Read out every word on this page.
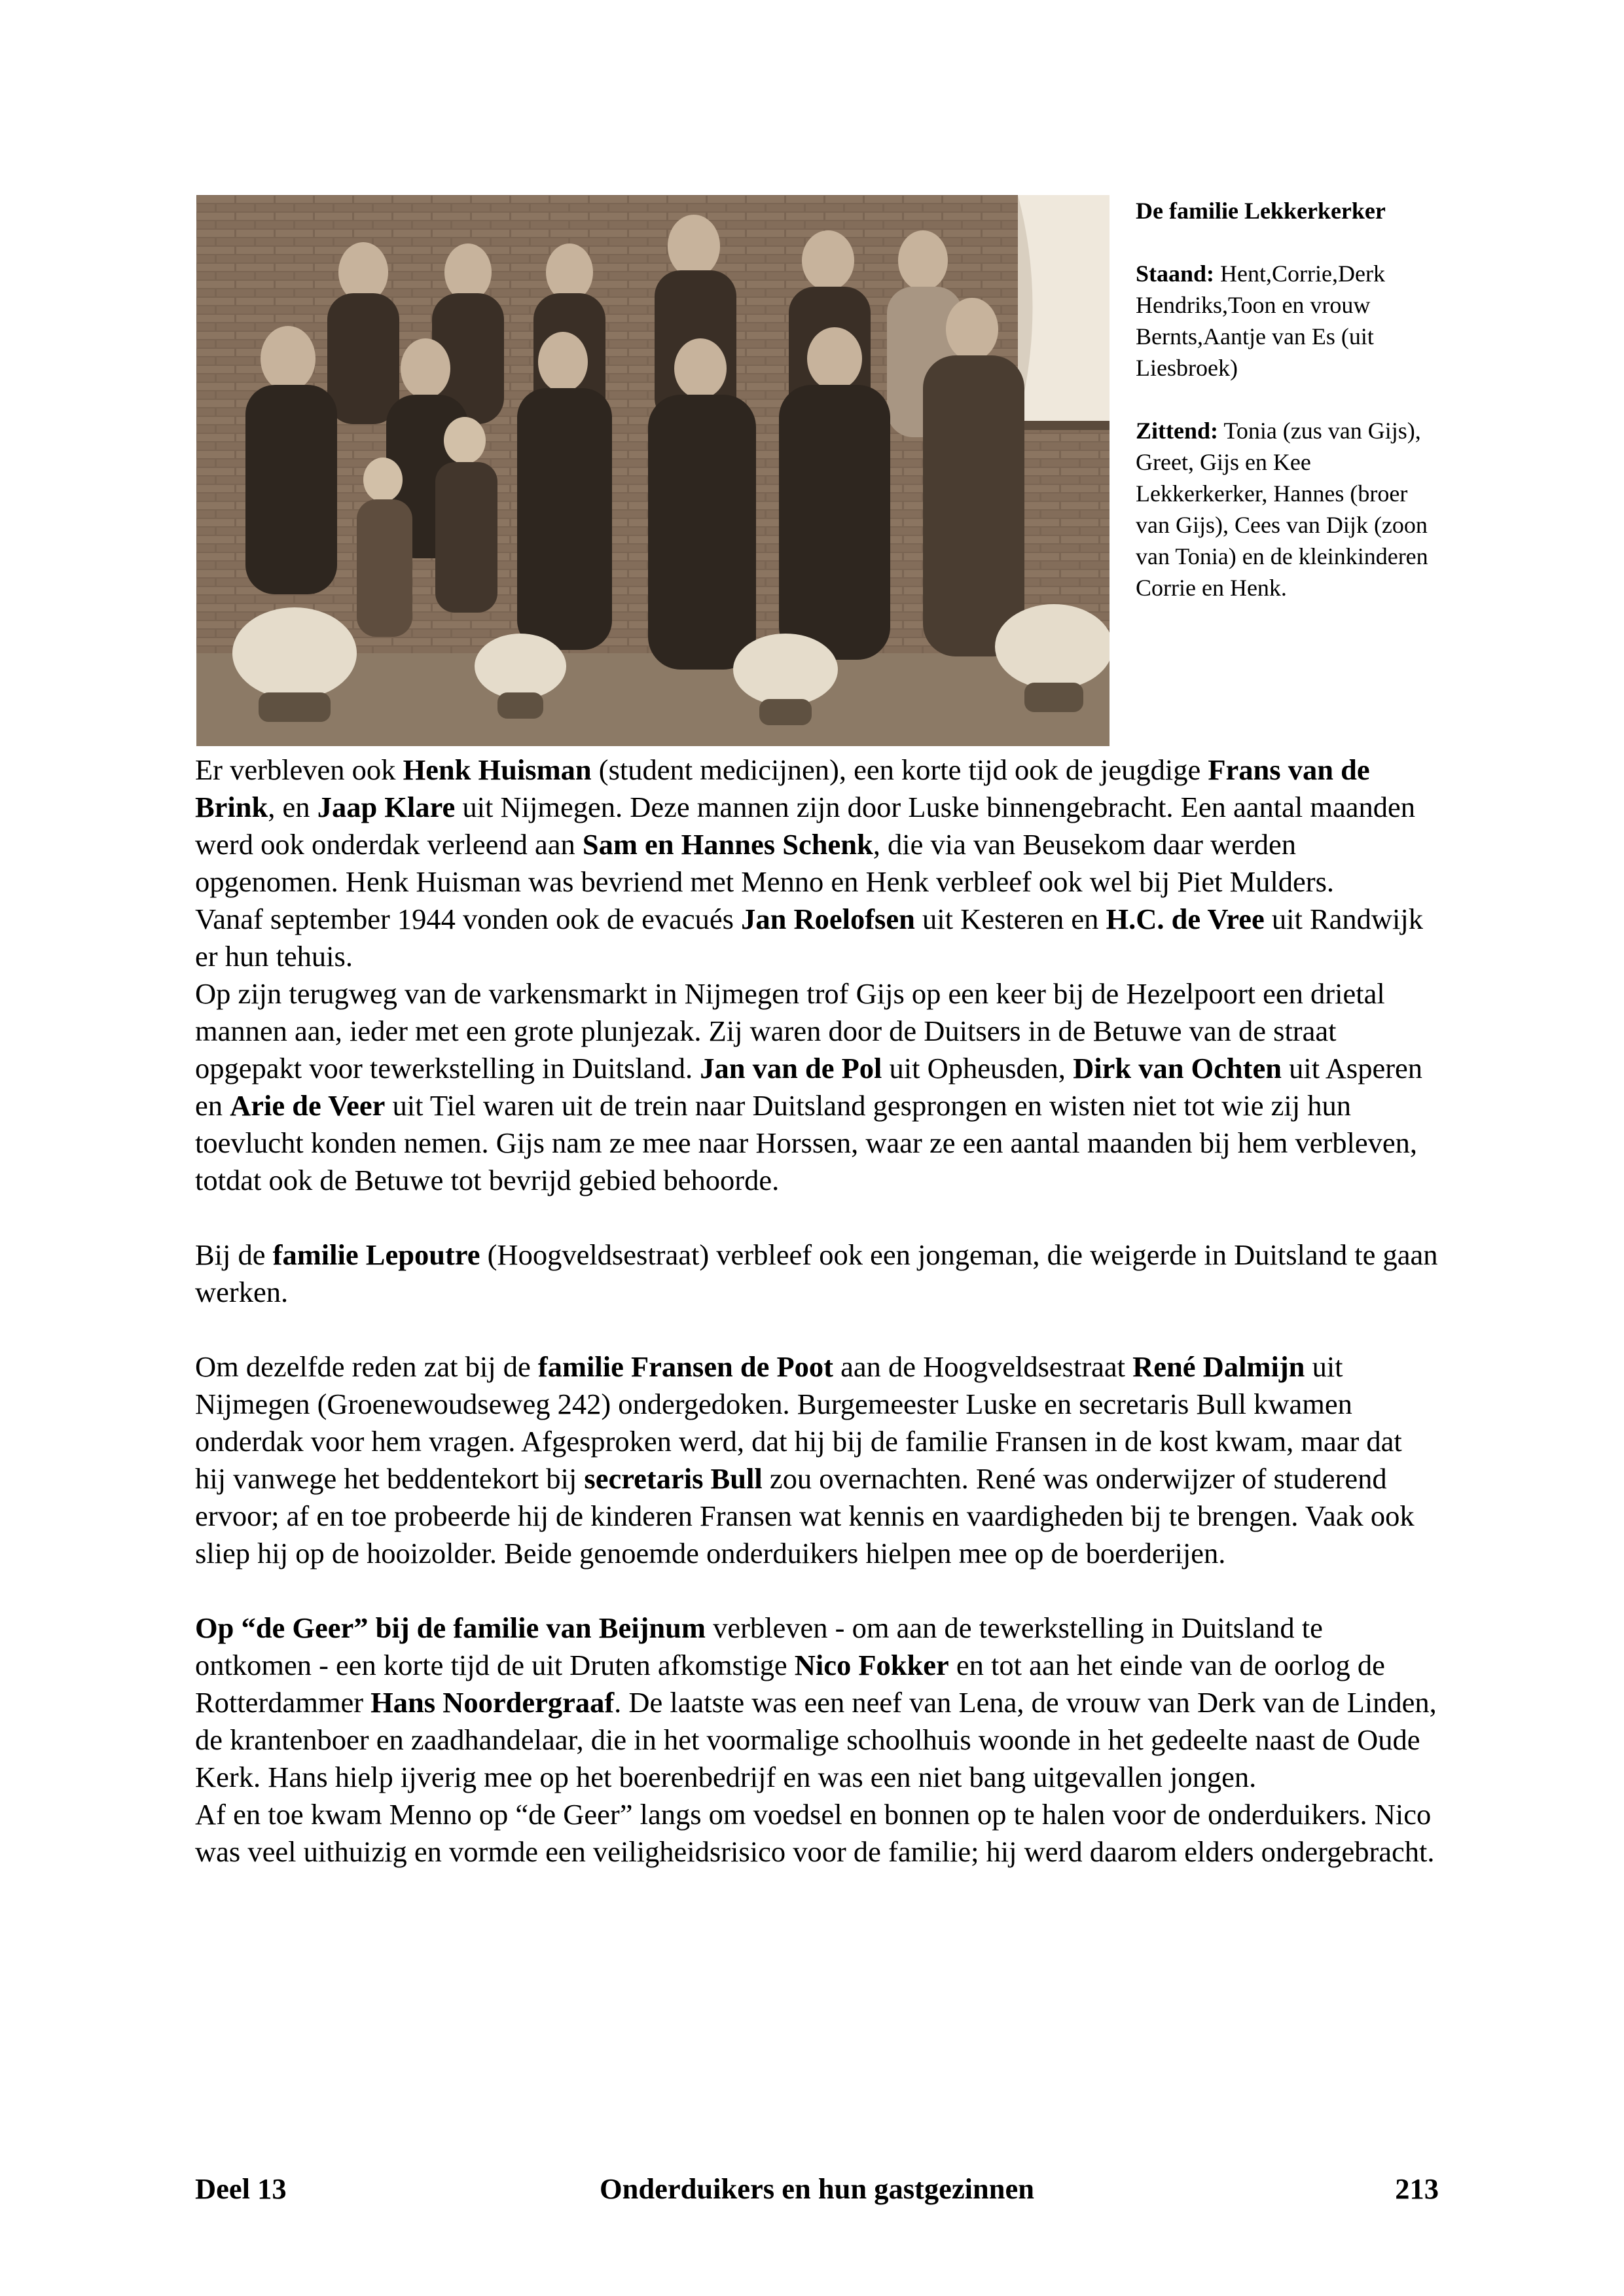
De familie Lekkerkerker

Staand: Hent,Corrie,Derk Hendriks,Toon en vrouw Bernts,Aantje van Es (uit Liesbroek)

Zittend: Tonia (zus van Gijs), Greet, Gijs en Kee Lekkerkerker, Hannes (broer van Gijs), Cees van Dijk (zoon van Tonia) en de kleinkinderen Corrie en Henk.

Er verbleven ook Henk Huisman (student medicijnen), een korte tijd ook de jeugdige Frans van de Brink, en Jaap Klare uit Nijmegen. Deze mannen zijn door Luske binnengebracht. Een aantal maanden werd ook onderdak verleend aan Sam en Hannes Schenk, die via van Beusekom daar werden opgenomen. Henk Huisman was bevriend met Menno en Henk verbleef ook wel bij Piet Mulders.

Vanaf september 1944 vonden ook de evacués Jan Roelofsen uit Kesteren en H.C. de Vree uit Randwijk er hun tehuis.

Op zijn terugweg van de varkensmarkt in Nijmegen trof Gijs op een keer bij de Hezelpoort een drietal mannen aan, ieder met een grote plunjezak. Zij waren door de Duitsers in de Betuwe van de straat opgepakt voor tewerkstelling in Duitsland. Jan van de Pol uit Opheusden, Dirk van Ochten uit Asperen en Arie de Veer uit Tiel waren uit de trein naar Duitsland gesprongen en wisten niet tot wie zij hun toevlucht konden nemen. Gijs nam ze mee naar Horssen, waar ze een aantal maanden bij hem verbleven, totdat ook de Betuwe tot bevrijd gebied behoorde.

Bij de familie Lepoutre (Hoogveldsestraat) verbleef ook een jongeman, die weigerde in Duitsland te gaan werken.

Om dezelfde reden zat bij de familie Fransen de Poot aan de Hoogveldsestraat René Dalmijn uit Nijmegen (Groenewoudseweg 242) ondergedoken. Burgemeester Luske en secretaris Bull kwamen onderdak voor hem vragen. Afgesproken werd, dat hij bij de familie Fransen in de kost kwam, maar dat hij vanwege het beddentekort bij secretaris Bull zou overnachten. René was onderwijzer of studerend ervoor; af en toe probeerde hij de kinderen Fransen wat kennis en vaardigheden bij te brengen. Vaak ook sliep hij op de hooizolder. Beide genoemde onderduikers hielpen mee op de boerderijen.

Op “de Geer” bij de familie van Beijnum verbleven - om aan de tewerkstelling in Duitsland te ontkomen - een korte tijd de uit Druten afkomstige Nico Fokker en tot aan het einde van de oorlog de Rotterdammer Hans Noordergraaf. De laatste was een neef van Lena, de vrouw van Derk van de Linden, de krantenboer en zaadhandelaar, die in het voormalige schoolhuis woonde in het gedeelte naast de Oude Kerk. Hans hielp ijverig mee op het boerenbedrijf en was een niet bang uitgevallen jongen.

Af en toe kwam Menno op “de Geer” langs om voedsel en bonnen op te halen voor de onderduikers. Nico was veel uithuizig en vormde een veiligheidsrisico voor de familie; hij werd daarom elders ondergebracht.

Deel 13	Onderduikers en hun gastgezinnen	213
